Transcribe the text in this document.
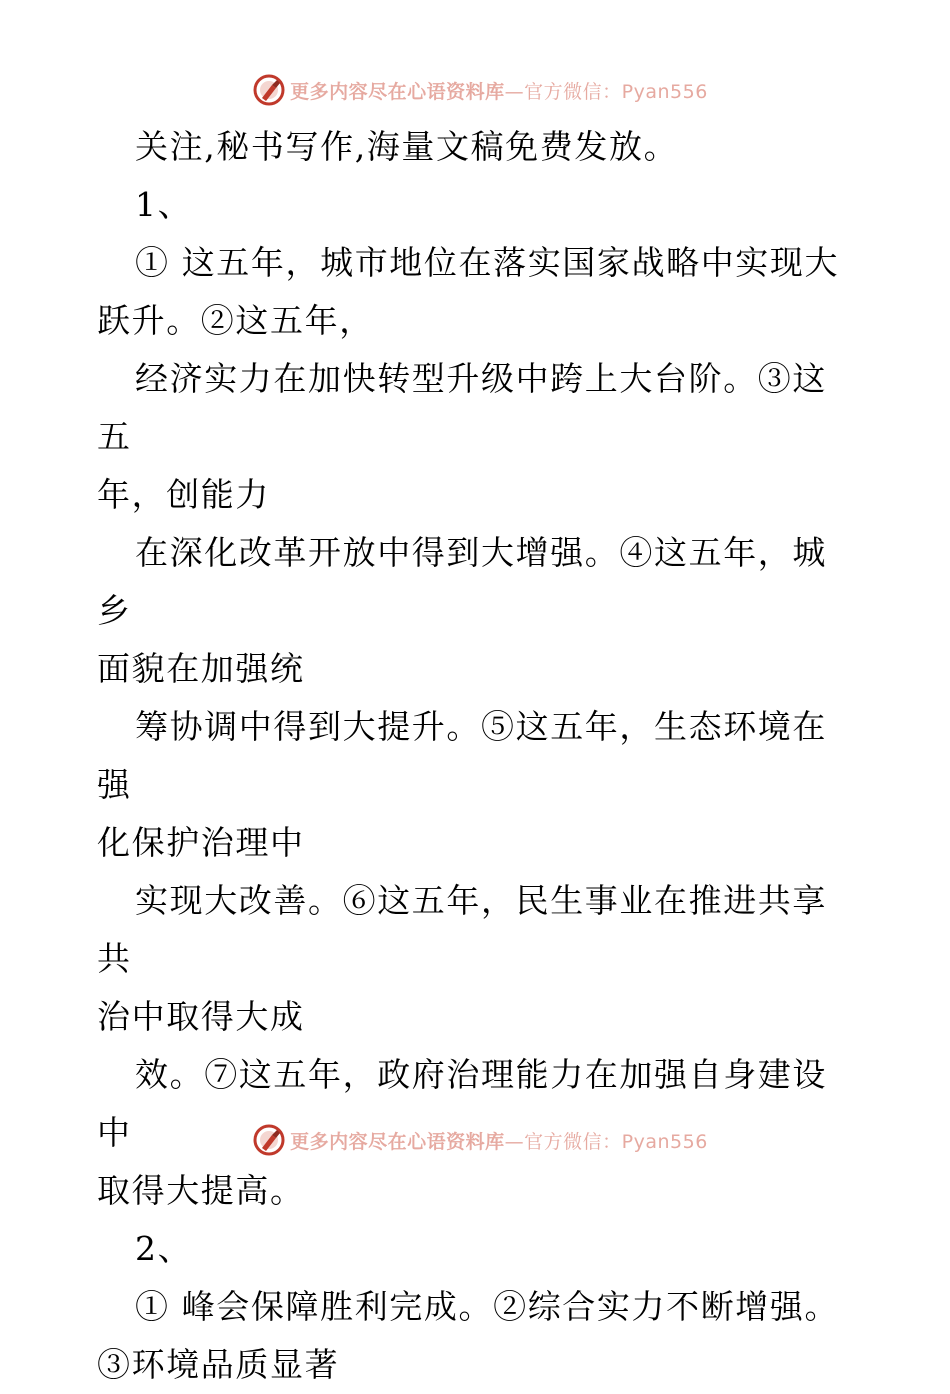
更多内容尽在心语资料库 —官方微信：Pyan556

关注,秘书写作,海量文稿免费发放。

1、

① 这五年，城市地位在落实国家战略中实现大

跃升。②这五年，

经济实力在加快转型升级中跨上大台阶。③这五

年，创能力

在深化改革开放中得到大增强。④这五年，城乡

面貌在加强统

筹协调中得到大提升。⑤这五年，生态环境在强

化保护治理中

实现大改善。⑥这五年，民生事业在推进共享共

治中取得大成

效。⑦这五年，政府治理能力在加强自身建设中

取得大提高。

2、

① 峰会保障胜利完成。②综合实力不断增强。

③环境品质显著

更多内容尽在心语资料库 —官方微信：Pyan556
